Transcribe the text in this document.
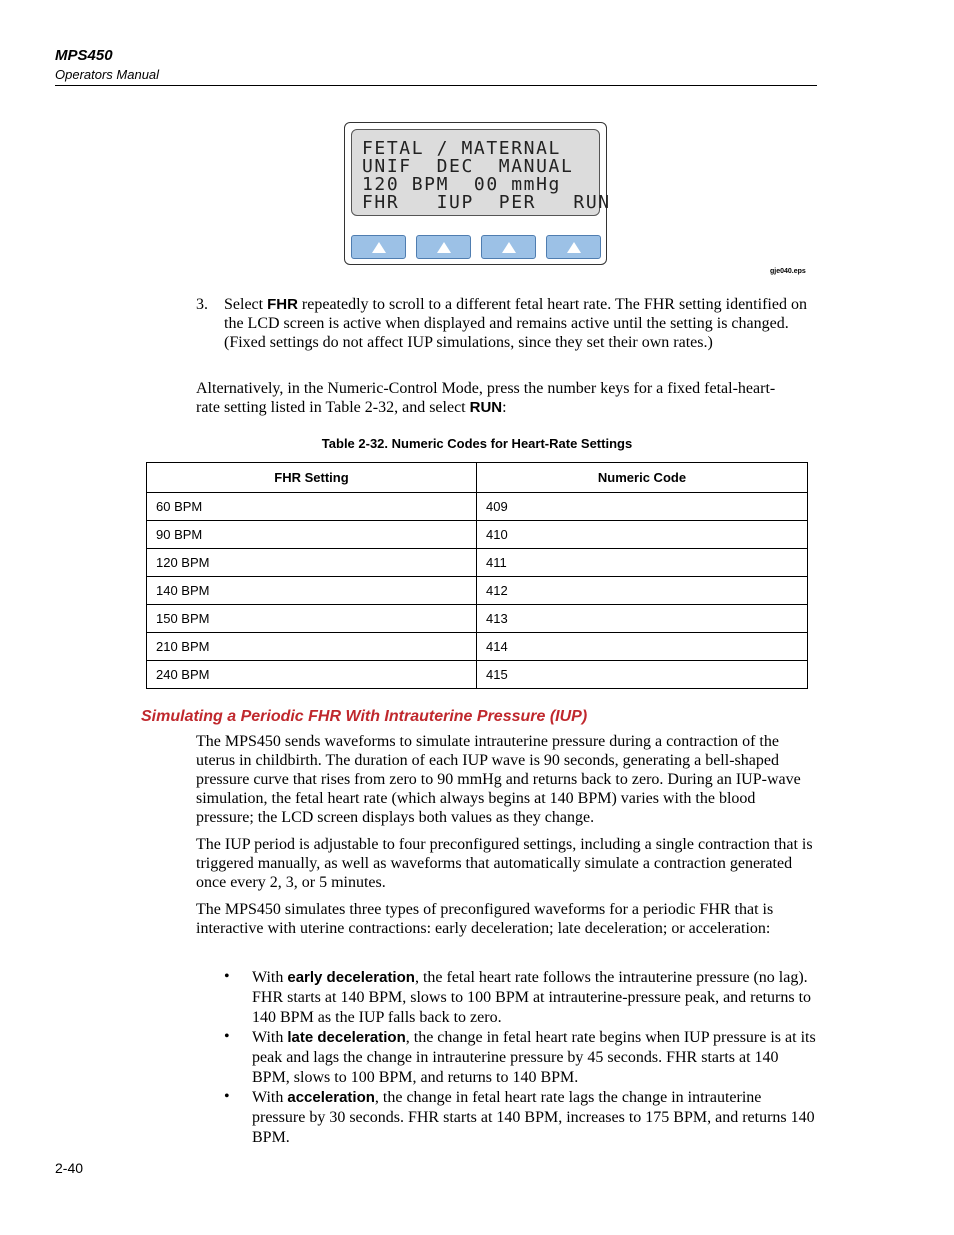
MPS450
Operators Manual
FETAL / MATERNAL
UNIF  DEC  MANUAL
120 BPM  00 mmHg
FHR   IUP  PER   RUN
gje040.eps
3. Select FHR repeatedly to scroll to a different fetal heart rate. The FHR setting identified on the LCD screen is active when displayed and remains active until the setting is changed. (Fixed settings do not affect IUP simulations, since they set their own rates.)
Alternatively, in the Numeric-Control Mode, press the number keys for a fixed fetal-heart-rate setting listed in Table 2-32, and select RUN:
Table 2-32. Numeric Codes for Heart-Rate Settings
FHR Setting	Numeric Code
60 BPM	409
90 BPM	410
120 BPM	411
140 BPM	412
150 BPM	413
210 BPM	414
240 BPM	415
Simulating a Periodic FHR With Intrauterine Pressure (IUP)
The MPS450 sends waveforms to simulate intrauterine pressure during a contraction of the uterus in childbirth. The duration of each IUP wave is 90 seconds, generating a bell-shaped pressure curve that rises from zero to 90 mmHg and returns back to zero. During an IUP-wave simulation, the fetal heart rate (which always begins at 140 BPM) varies with the blood pressure; the LCD screen displays both values as they change.
The IUP period is adjustable to four preconfigured settings, including a single contraction that is triggered manually, as well as waveforms that automatically simulate a contraction generated once every 2, 3, or 5 minutes.
The MPS450 simulates three types of preconfigured waveforms for a periodic FHR that is interactive with uterine contractions: early deceleration; late deceleration; or acceleration:
• With early deceleration, the fetal heart rate follows the intrauterine pressure (no lag). FHR starts at 140 BPM, slows to 100 BPM at intrauterine-pressure peak, and returns to 140 BPM as the IUP falls back to zero.
• With late deceleration, the change in fetal heart rate begins when IUP pressure is at its peak and lags the change in intrauterine pressure by 45 seconds. FHR starts at 140 BPM, slows to 100 BPM, and returns to 140 BPM.
• With acceleration, the change in fetal heart rate lags the change in intrauterine pressure by 30 seconds. FHR starts at 140 BPM, increases to 175 BPM, and returns 140 BPM.
2-40
